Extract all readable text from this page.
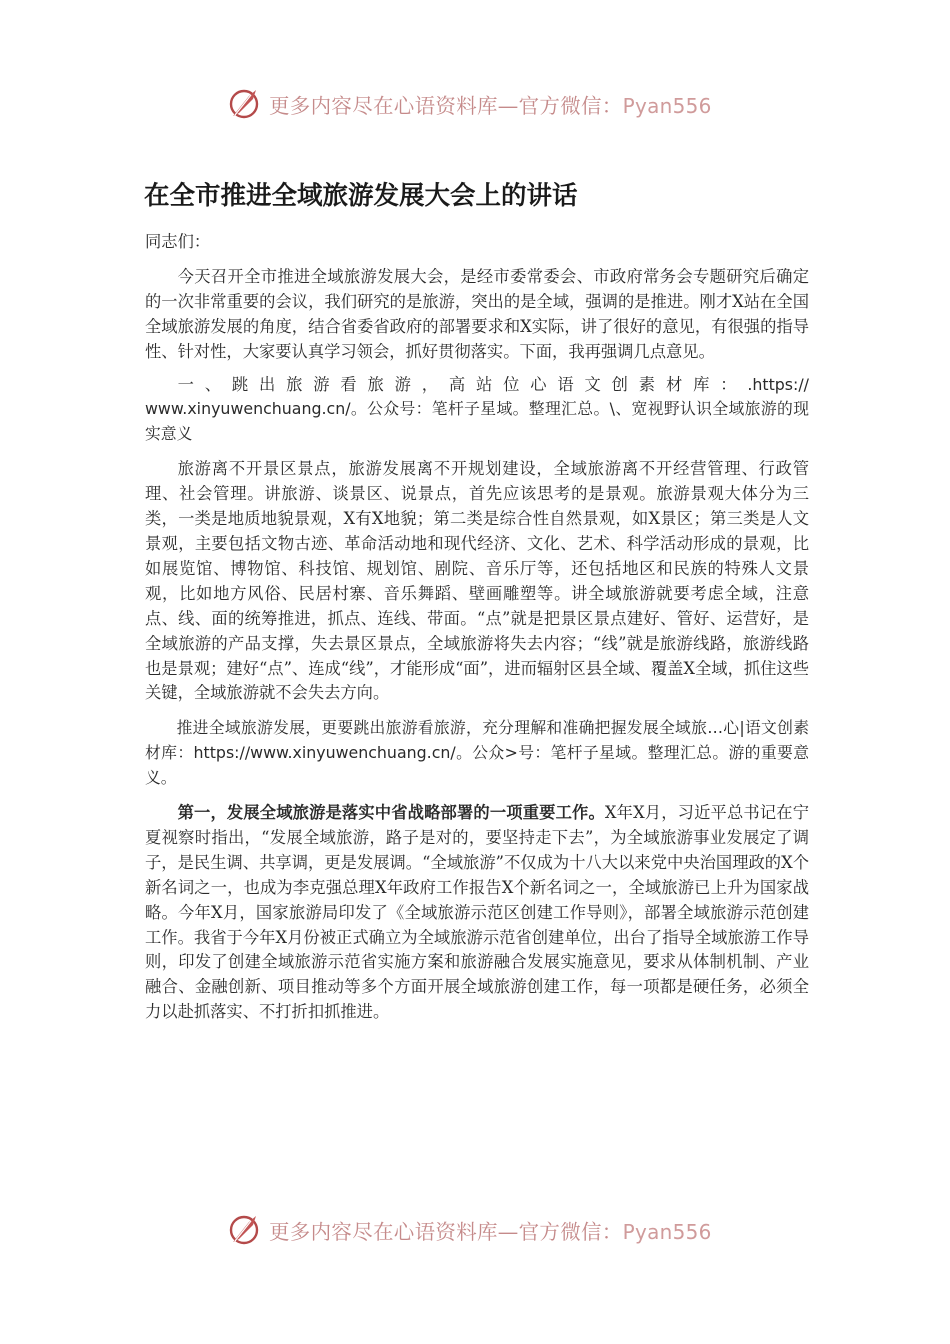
更多内容尽在心语资料库—官方微信：Pyan556
在全市推进全域旅游发展大会上的讲话

同志们：

今天召开全市推进全域旅游发展大会，是经市委常委会、市政府常务会专题研究后确定的一次非常重要的会议，我们研究的是旅游，突出的是全域，强调的是推进。刚才X站在全国全域旅游发展的角度，结合省委省政府的部署要求和X实际，讲了很好的意见，有很强的指导性、针对性，大家要认真学习领会，抓好贯彻落实。下面，我再强调几点意见。

一、跳出旅游看旅游，高站位心语文创素材库：.https:// www.xinyuwenchuang.cn/。公众号：笔杆子星域。整理汇总。\、宽视野认识全域旅游的现实意义

旅游离不开景区景点，旅游发展离不开规划建设，全域旅游离不开经营管理、行政管理、社会管理。讲旅游、谈景区、说景点，首先应该思考的是景观。旅游景观大体分为三类，一类是地质地貌景观，X有X地貌；第二类是综合性自然景观，如X景区；第三类是人文景观，主要包括文物古迹、革命活动地和现代经济、文化、艺术、科学活动形成的景观，比如展览馆、博物馆、科技馆、规划馆、剧院、音乐厅等，还包括地区和民族的特殊人文景观，比如地方风俗、民居村寨、音乐舞蹈、壁画雕塑等。讲全域旅游就要考虑全域，注意点、线、面的统筹推进，抓点、连线、带面。“点”就是把景区景点建好、管好、运营好，是全域旅游的产品支撑，失去景区景点，全域旅游将失去内容；“线”就是旅游线路，旅游线路也是景观；建好“点”、连成“线”，才能形成“面”，进而辐射区县全域、覆盖X全域，抓住这些关键，全域旅游就不会失去方向。

推进全域旅游发展，更要跳出旅游看旅游，充分理解和准确把握发展全域旅…心|语文创素材库：https://www.xinyuwenchuang.cn/。公众>号：笔杆子星域。整理汇总。游的重要意义。

第一，发展全域旅游是落实中省战略部署的一项重要工作。X年X月，习近平总书记在宁夏视察时指出，“发展全域旅游，路子是对的，要坚持走下去”，为全域旅游事业发展定了调子，是民生调、共享调，更是发展调。“全域旅游”不仅成为十八大以来党中央治国理政的X个新名词之一，也成为李克强总理X年政府工作报告X个新名词之一，全域旅游已上升为国家战略。今年X月，国家旅游局印发了《全域旅游示范区创建工作导则》，部署全域旅游示范创建工作。我省于今年X月份被正式确立为全域旅游示范省创建单位，出台了指导全域旅游工作导则，印发了创建全域旅游示范省实施方案和旅游融合发展实施意见，要求从体制机制、产业融合、金融创新、项目推动等多个方面开展全域旅游创建工作，每一项都是硬任务，必须全力以赴抓落实、不打折扣抓推进。

更多内容尽在心语资料库—官方微信：Pyan556
